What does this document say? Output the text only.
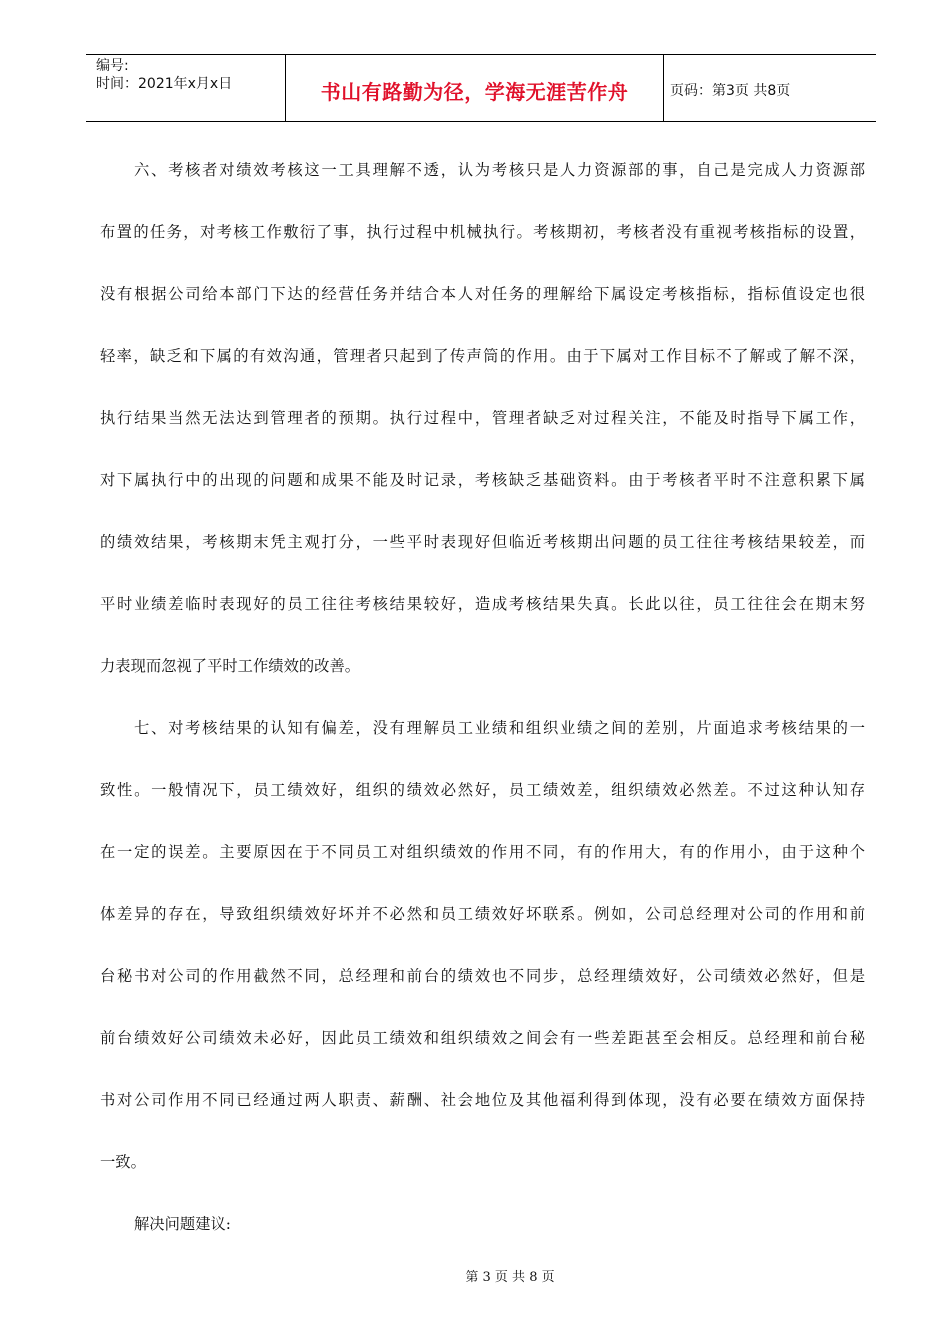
编号:
时间：2021年x月x日	书山有路勤为径，学海无涯苦作舟	页码：第3页 共8页
六、考核者对绩效考核这一工具理解不透，认为考核只是人力资源部的事，自己是完成人力资源部
布置的任务，对考核工作敷衍了事，执行过程中机械执行。考核期初，考核者没有重视考核指标的设置，
没有根据公司给本部门下达的经营任务并结合本人对任务的理解给下属设定考核指标，指标值设定也很
轻率，缺乏和下属的有效沟通，管理者只起到了传声筒的作用。由于下属对工作目标不了解或了解不深，
执行结果当然无法达到管理者的预期。执行过程中，管理者缺乏对过程关注，不能及时指导下属工作，
对下属执行中的出现的问题和成果不能及时记录，考核缺乏基础资料。由于考核者平时不注意积累下属
的绩效结果，考核期末凭主观打分，一些平时表现好但临近考核期出问题的员工往往考核结果较差，而
平时业绩差临时表现好的员工往往考核结果较好，造成考核结果失真。长此以往，员工往往会在期末努
力表现而忽视了平时工作绩效的改善。
七、对考核结果的认知有偏差，没有理解员工业绩和组织业绩之间的差别，片面追求考核结果的一
致性。一般情况下，员工绩效好，组织的绩效必然好，员工绩效差，组织绩效必然差。不过这种认知存
在一定的误差。主要原因在于不同员工对组织绩效的作用不同，有的作用大，有的作用小，由于这种个
体差异的存在，导致组织绩效好坏并不必然和员工绩效好坏联系。例如，公司总经理对公司的作用和前
台秘书对公司的作用截然不同，总经理和前台的绩效也不同步，总经理绩效好，公司绩效必然好，但是
前台绩效好公司绩效未必好，因此员工绩效和组织绩效之间会有一些差距甚至会相反。总经理和前台秘
书对公司作用不同已经通过两人职责、薪酬、社会地位及其他福利得到体现，没有必要在绩效方面保持
一致。
解决问题建议:
第 3 页 共 8 页
